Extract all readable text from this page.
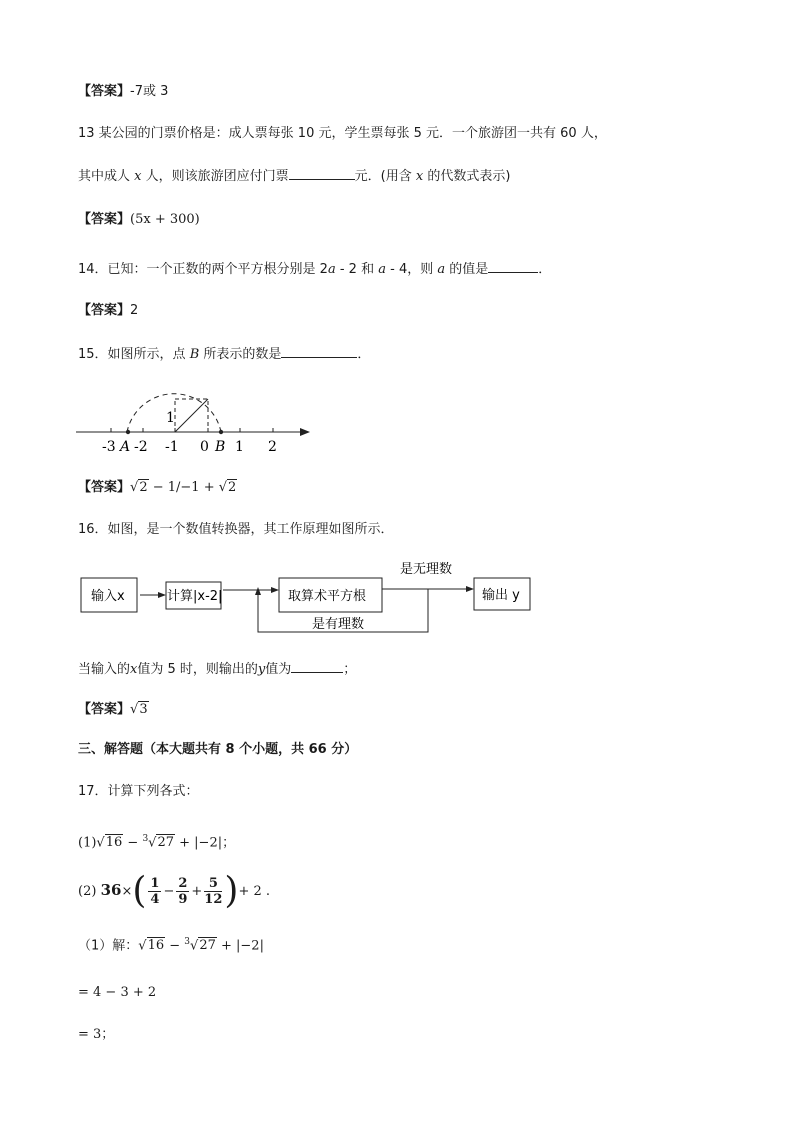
【答案】-7或 3
13 某公园的门票价格是：成人票每张 10 元，学生票每张 5 元．一个旅游团一共有 60 人，
其中成人 x 人，则该旅游团应付门票	元．(用含 x 的代数式表示)
【答案】(5x + 300)
14．已知：一个正数的两个平方根分别是 2a - 2 和 a - 4，则 a 的值是	．
【答案】2
15．如图所示，点 B 所表示的数是	．
1
-3 A -2 -1 0 B 1 2
【答案】√2 − 1/−1 + √2
16．如图，是一个数值转换器，其工作原理如图所示．
输入x	计算|x-2|	取算术平方根
是无理数
输出 y
是有理数
当输入的x值为 5 时，则输出的y值为	；
【答案】√3
三、解答题（本大题共有 8 个小题，共 66 分）
17．计算下列各式：
(1)√16 − $^3$√27 + |−2|；
(2) $36\times( \frac{1}{4} - \frac{2}{9} + \frac{5}{12}$ )+ 2 .
（1）解：√16 − $^3$√27 + |−2|
= 4 − 3 + 2
= 3；
